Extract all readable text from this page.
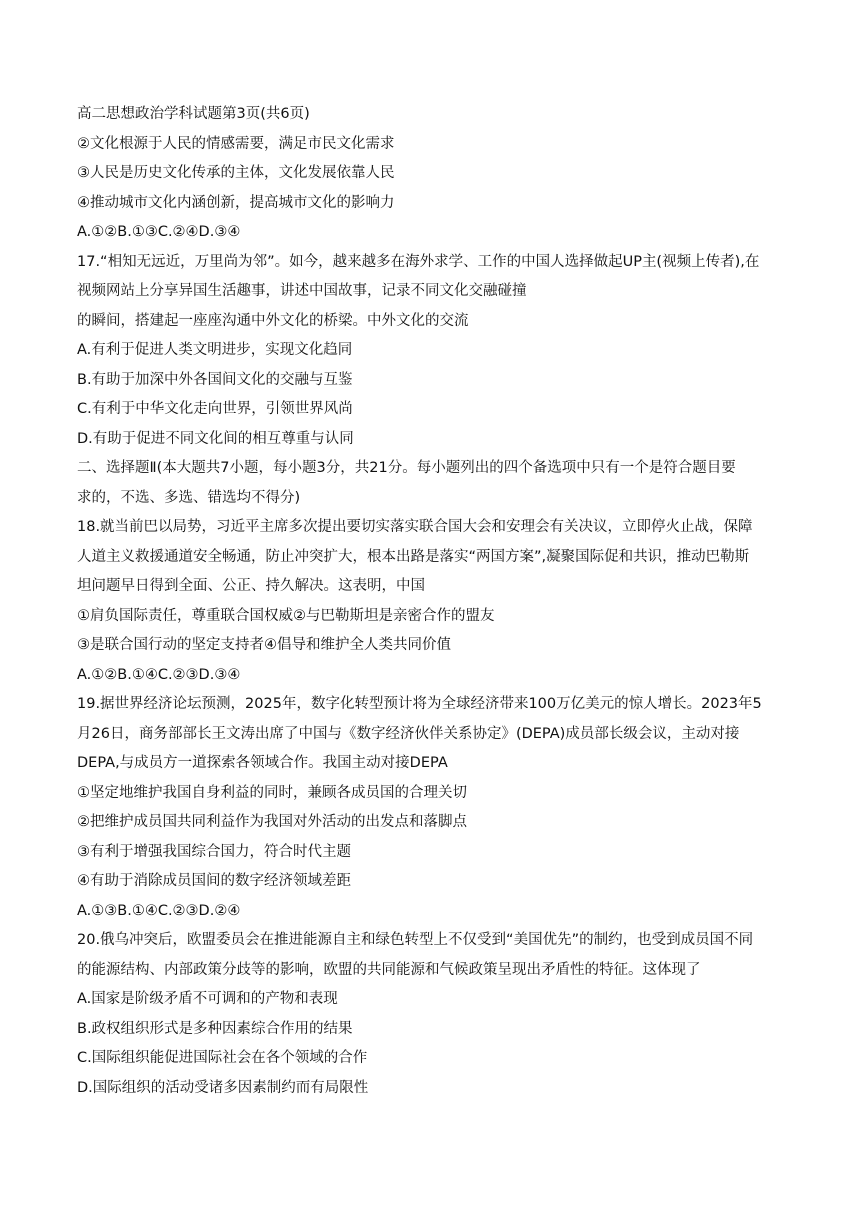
高二思想政治学科试题第3页(共6页)
②文化根源于人民的情感需要，满足市民文化需求
③人民是历史文化传承的主体，文化发展依靠人民
④推动城市文化内涵创新，提高城市文化的影响力
A.①②B.①③C.②④D.③④
17.“相知无远近，万里尚为邻”。如今，越来越多在海外求学、工作的中国人选择做起UP主(视频上传者),在
视频网站上分享异国生活趣事，讲述中国故事，记录不同文化交融碰撞
的瞬间，搭建起一座座沟通中外文化的桥梁。中外文化的交流
A.有利于促进人类文明进步，实现文化趋同
B.有助于加深中外各国间文化的交融与互鉴
C.有利于中华文化走向世界，引领世界风尚
D.有助于促进不同文化间的相互尊重与认同
二、选择题Ⅱ(本大题共7小题，每小题3分，共21分。每小题列出的四个备选项中只有一个是符合题目要
求的，不选、多选、错选均不得分)
18.就当前巴以局势，习近平主席多次提出要切实落实联合国大会和安理会有关决议，立即停火止战，保障
人道主义救援通道安全畅通，防止冲突扩大，根本出路是落实“两国方案”,凝聚国际促和共识，推动巴勒斯
坦问题早日得到全面、公正、持久解决。这表明，中国
①肩负国际责任，尊重联合国权威②与巴勒斯坦是亲密合作的盟友
③是联合国行动的坚定支持者④倡导和维护全人类共同价值
A.①②B.①④C.②③D.③④
19.据世界经济论坛预测，2025年，数字化转型预计将为全球经济带来100万亿美元的惊人增长。2023年5
月26日，商务部部长王文涛出席了中国与《数字经济伙伴关系协定》(DEPA)成员部长级会议，主动对接
DEPA,与成员方一道探索各领域合作。我国主动对接DEPA
①坚定地维护我国自身利益的同时，兼顾各成员国的合理关切
②把维护成员国共同利益作为我国对外活动的出发点和落脚点
③有利于增强我国综合国力，符合时代主题
④有助于消除成员国间的数字经济领域差距
A.①③B.①④C.②③D.②④
20.俄乌冲突后，欧盟委员会在推进能源自主和绿色转型上不仅受到“美国优先”的制约，也受到成员国不同
的能源结构、内部政策分歧等的影响，欧盟的共同能源和气候政策呈现出矛盾性的特征。这体现了
A.国家是阶级矛盾不可调和的产物和表现
B.政权组织形式是多种因素综合作用的结果
C.国际组织能促进国际社会在各个领域的合作
D.国际组织的活动受诸多因素制约而有局限性
